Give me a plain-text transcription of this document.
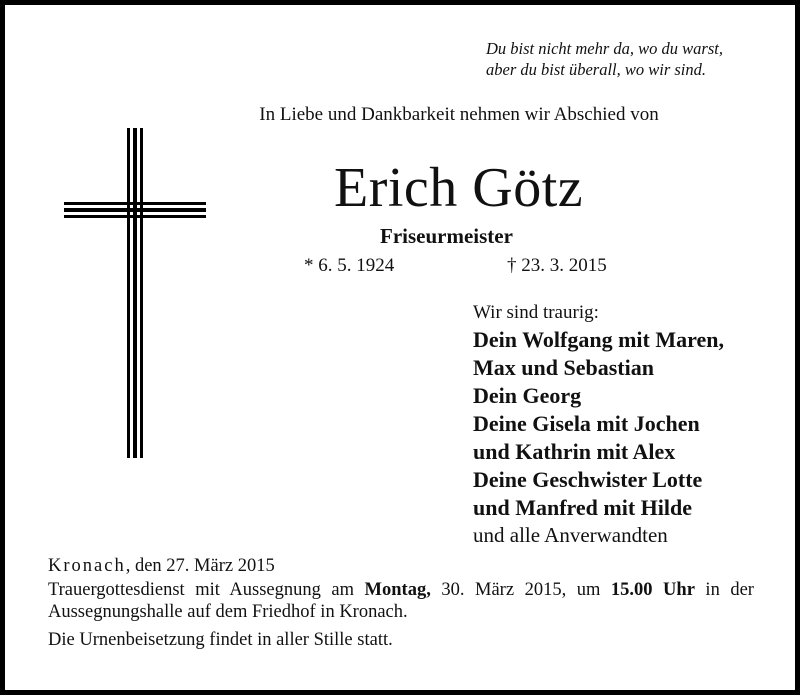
Du bist nicht mehr da, wo du warst,
aber du bist überall, wo wir sind.
In Liebe und Dankbarkeit nehmen wir Abschied von
Erich Götz
Friseurmeister
* 6. 5. 1924	† 23. 3. 2015
Wir sind traurig:
Dein Wolfgang mit Maren,
Max und Sebastian
Dein Georg
Deine Gisela mit Jochen
und Kathrin mit Alex
Deine Geschwister Lotte
und Manfred mit Hilde
und alle Anverwandten
Kronach, den 27. März 2015
Trauergottesdienst mit Aussegnung am Montag, 30. März 2015, um 15.00 Uhr in der Aussegnungshalle auf dem Friedhof in Kronach.
Die Urnenbeisetzung findet in aller Stille statt.
